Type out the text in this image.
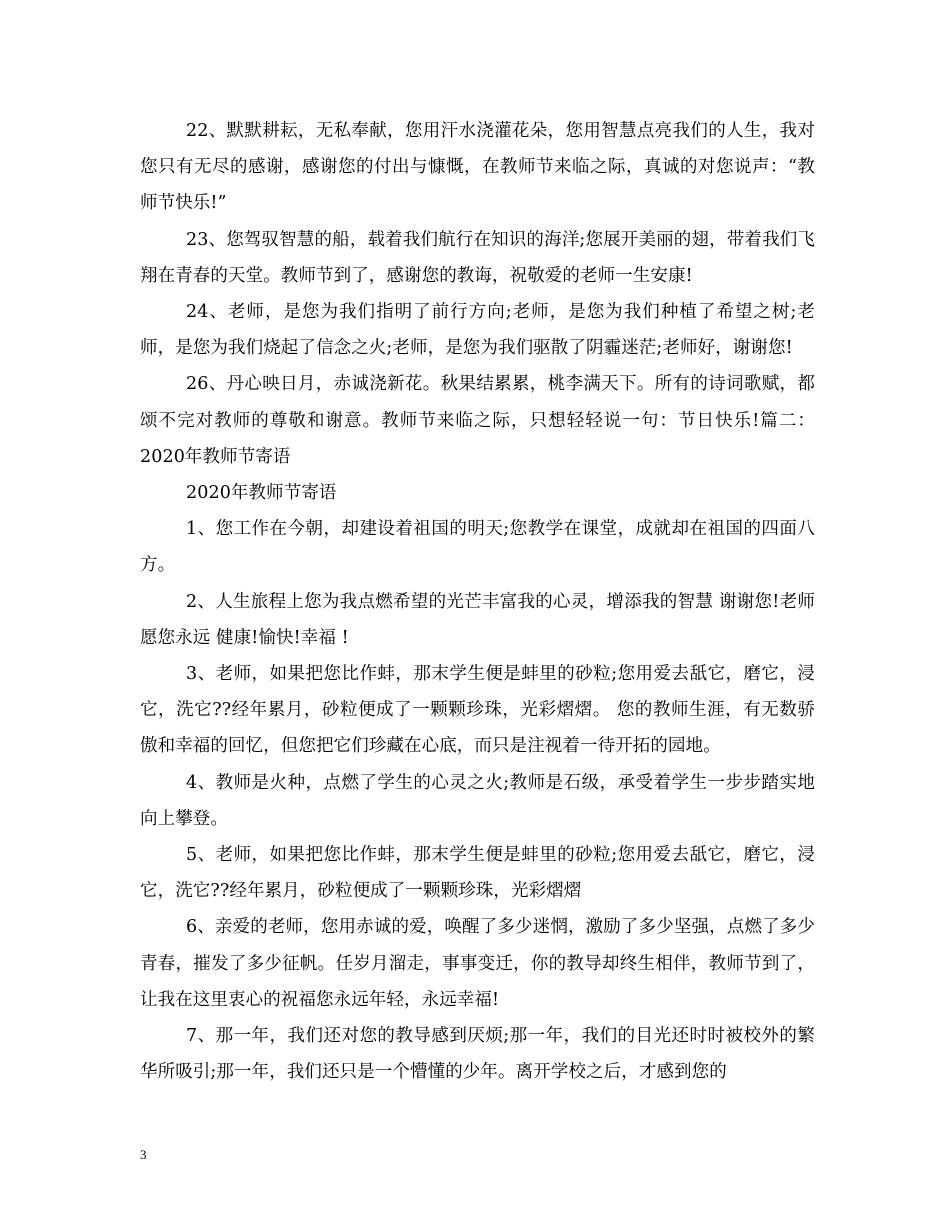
22、默默耕耘，无私奉献，您用汗水浇灌花朵，您用智慧点亮我们的人生，我对您只有无尽的感谢，感谢您的付出与慷慨，在教师节来临之际，真诚的对您说声：“教师节快乐!”

23、您驾驭智慧的船，载着我们航行在知识的海洋;您展开美丽的翅，带着我们飞翔在青春的天堂。教师节到了，感谢您的教诲，祝敬爱的老师一生安康!

24、老师，是您为我们指明了前行方向;老师，是您为我们种植了希望之树;老师，是您为我们烧起了信念之火;老师，是您为我们驱散了阴霾迷茫;老师好，谢谢您!

26、丹心映日月，赤诚浇新花。秋果结累累，桃李满天下。所有的诗词歌赋，都颂不完对教师的尊敬和谢意。教师节来临之际，只想轻轻说一句：节日快乐!篇二：2020年教师节寄语

2020年教师节寄语

1、您工作在今朝，却建设着祖国的明天;您教学在课堂，成就却在祖国的四面八方。

2、人生旅程上您为我点燃希望的光芒丰富我的心灵，增添我的智慧 谢谢您!老师 愿您永远 健康!愉快!幸福 !

3、老师，如果把您比作蚌，那末学生便是蚌里的砂粒;您用爱去舐它，磨它，浸它，洗它??经年累月，砂粒便成了一颗颗珍珠，光彩熠熠。 您的教师生涯，有无数骄傲和幸福的回忆，但您把它们珍藏在心底，而只是注视着一待开拓的园地。

4、教师是火种，点燃了学生的心灵之火;教师是石级，承受着学生一步步踏实地向上攀登。

5、老师，如果把您比作蚌，那末学生便是蚌里的砂粒;您用爱去舐它，磨它，浸它，洗它??经年累月，砂粒便成了一颗颗珍珠，光彩熠熠

6、亲爱的老师，您用赤诚的爱，唤醒了多少迷惘，激励了多少坚强，点燃了多少青春，摧发了多少征帆。任岁月溜走，事事变迁，你的教导却终生相伴，教师节到了，让我在这里衷心的祝福您永远年轻，永远幸福!

7、那一年，我们还对您的教导感到厌烦;那一年，我们的目光还时时被校外的繁华所吸引;那一年，我们还只是一个懵懂的少年。离开学校之后，才感到您的

3
